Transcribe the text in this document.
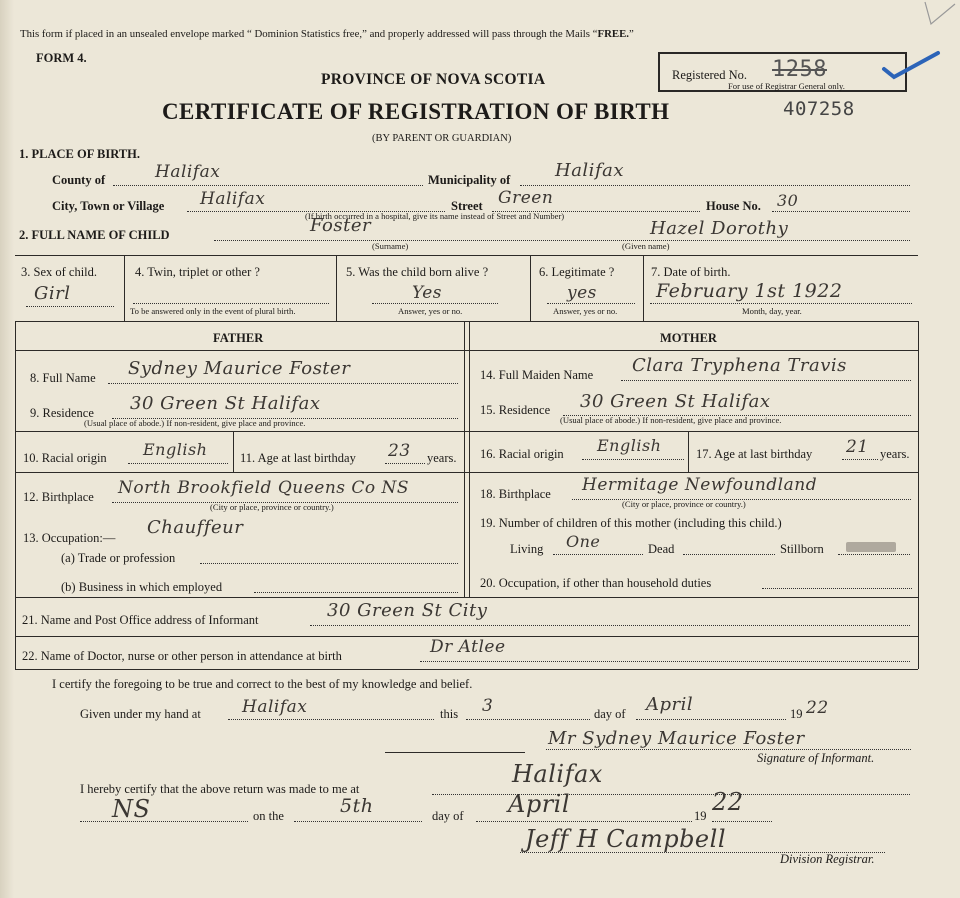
This form if placed in an unsealed envelope marked “ Dominion Statistics free,” and properly addressed will pass through the Mails “FREE.”
FORM 4.
PROVINCE OF NOVA SCOTIA
CERTIFICATE OF REGISTRATION OF BIRTH
(BY PARENT OR GUARDIAN)
Registered No. 1258
For use of Registrar General only.
407258
1. PLACE OF BIRTH.
County of	Halifax	Municipality of Halifax
City, Town or Village Halifax	Street Green	House No. 30
(If birth occurred in a hospital, give its name instead of Street and Number)
2. FULL NAME OF CHILD	Foster	Hazel Dorothy
(Surname)	(Given name)
3. Sex of child.
Girl
4. Twin, triplet or other ?
To be answered only in the event of plural birth.
5. Was the child born alive ?
Yes
Answer, yes or no.
6. Legitimate ?
yes
Answer, yes or no.
7. Date of birth.
February 1st 1922
Month, day, year.
FATHER	MOTHER
8. Full Name Sydney Maurice Foster
9. Residence 30 Green St Halifax
(Usual place of abode.) If non-resident, give place and province.
10. Racial origin English	11. Age at last birthday 23 years.
12. Birthplace North Brookfield Queens Co NS
(City or place, province or country.)
13. Occupation:— Chauffeur
(a) Trade or profession
(b) Business in which employed
14. Full Maiden Name Clara Tryphena Travis
15. Residence 30 Green St Halifax
(Usual place of abode.) If non-resident, give place and province.
16. Racial origin English	17. Age at last birthday 21 years.
18. Birthplace Hermitage Newfoundland
(City or place, province or country.)
19. Number of children of this mother (including this child.)
Living One	Dead	Stillborn
20. Occupation, if other than household duties
21. Name and Post Office address of Informant	30 Green St City
22. Name of Doctor, nurse or other person in attendance at birth	Dr Atlee
I certify the foregoing to be true and correct to the best of my knowledge and belief.
Given under my hand at Halifax	this 3	day of April	19 22
Mr Sydney Maurice Foster
Signature of Informant.
I hereby certify that the above return was made to me at
Halifax
NS	on the	5th	day of April	19 22
Jeff H Campbell
Division Registrar.
